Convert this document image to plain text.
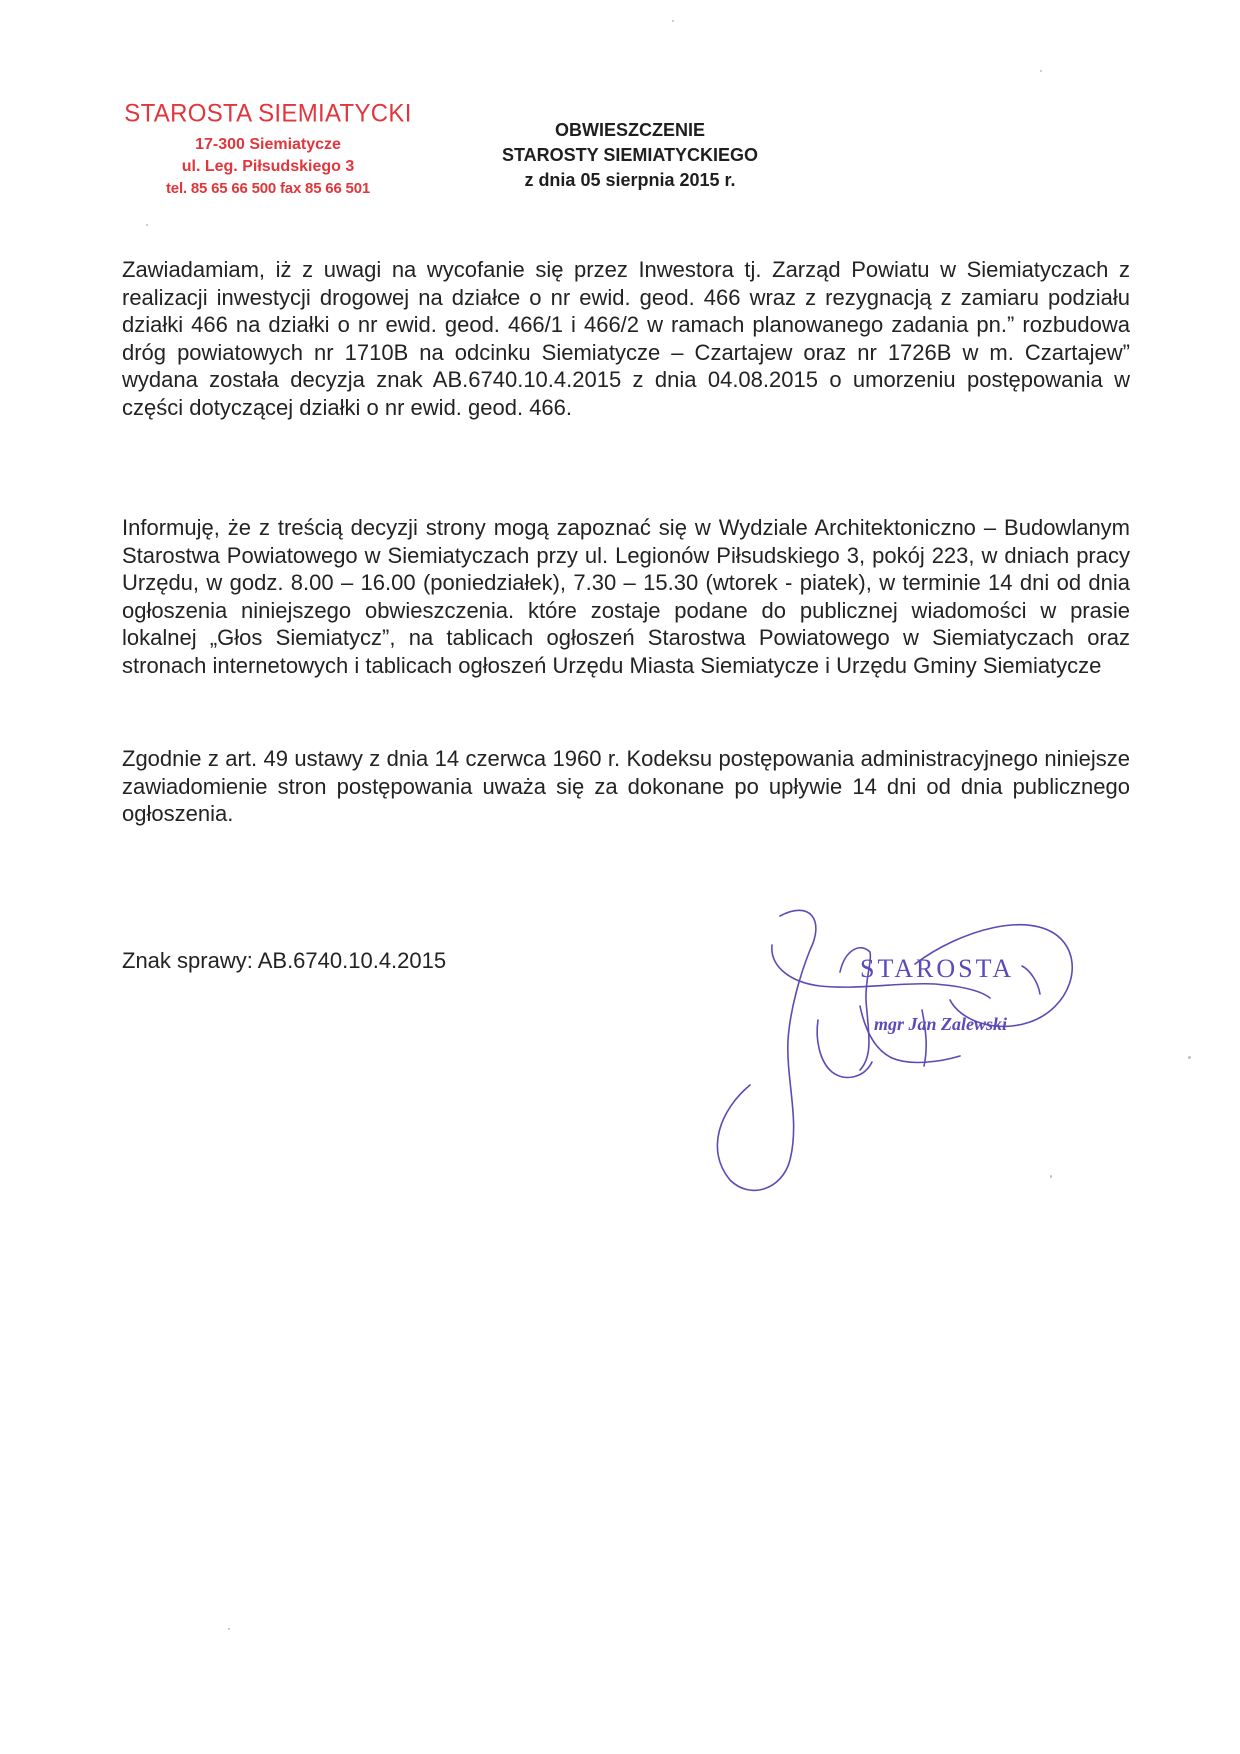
STAROSTA SIEMIATYCKI
17-300 Siemiatycze
ul. Leg. Piłsudskiego 3
tel. 85 65 66 500 fax 85 66 501
OBWIESZCZENIE
STAROSTY SIEMIATYCKIEGO
z dnia 05 sierpnia 2015 r.
Zawiadamiam, iż z uwagi na wycofanie się przez Inwestora tj. Zarząd Powiatu w Siemiatyczach z realizacji inwestycji drogowej na działce o nr ewid. geod. 466 wraz z rezygnacją z zamiaru podziału działki 466 na działki o nr ewid. geod. 466/1 i 466/2 w ramach planowanego zadania pn.” rozbudowa dróg powiatowych nr 1710B na odcinku Siemiatycze – Czartajew oraz nr 1726B w m. Czartajew” wydana została decyzja znak AB.6740.10.4.2015 z dnia 04.08.2015 o umorzeniu postępowania w części dotyczącej działki o nr ewid. geod. 466.
Informuję, że z treścią decyzji strony mogą zapoznać się w Wydziale Architektoniczno – Budowlanym Starostwa Powiatowego w Siemiatyczach przy ul. Legionów Piłsudskiego 3, pokój 223, w dniach pracy Urzędu, w godz. 8.00 – 16.00 (poniedziałek), 7.30 – 15.30 (wtorek - piatek), w terminie 14 dni od dnia ogłoszenia niniejszego obwieszczenia. które zostaje podane do publicznej wiadomości w prasie lokalnej „Głos Siemiatycz”, na tablicach ogłoszeń Starostwa Powiatowego w Siemiatyczach oraz stronach internetowych i tablicach ogłoszeń Urzędu Miasta Siemiatycze i Urzędu Gminy Siemiatycze
Zgodnie z art. 49 ustawy z dnia 14 czerwca 1960 r. Kodeksu postępowania administracyjnego niniejsze zawiadomienie stron postępowania uważa się za dokonane po upływie 14 dni od dnia publicznego ogłoszenia.
Znak sprawy: AB.6740.10.4.2015	STAROSTA
mgr Jan Zalewski
